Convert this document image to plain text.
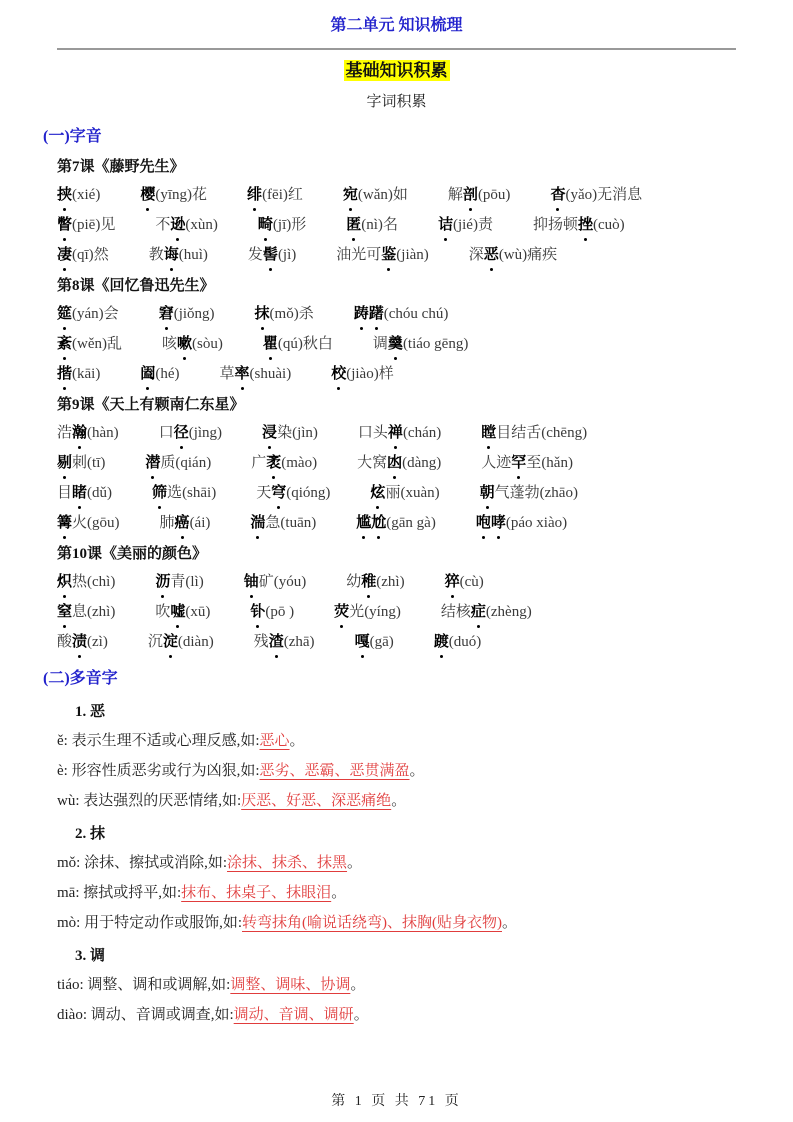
第二单元 知识梳理
基础知识积累
字词积累
(一)字音
第7课《藤野先生》
挟(xié)	樱(yīng)花	绯(fēi)红	宛(wǎn)如	解剖(pōu)	杳(yǎo)无消息
瞥(piē)见	不逊(xùn)	畸(jī)形	匿(nì)名	诘(jié)责	抑扬顿挫(cuò)
凄(qī)然	教诲(huì)	发髻(jì)	油光可鉴(jiàn)	深恶(wù)痛疾
第8课《回忆鲁迅先生》
筵(yán)会	窘(jiǒng)	抹(mǒ)杀	踌躇(chóu chú)
紊(wěn)乱	咳嗽(sòu)	瞿(qú)秋白	调羹(tiáo gēng)
揩(kāi)	阖(hé)	草率(shuài)	校(jiào)样
第9课《天上有颗南仁东星》
浩瀚(hàn)	口径(jìng)	浸染(jìn)	口头禅(chán)	瞠目结舌(chēng)
剔刺(tī)	潜质(qián)	广袤(mào)	大窝凼(dàng)	人迹罕至(hǎn)
目睹(dǔ)	筛选(shāi)	天穹(qióng)	炫丽(xuàn)	朝气蓬勃(zhāo)
篝火(gōu)	肺癌(ái)	湍急(tuān)	尴尬(gān gà)	咆哮(páo xiào)
第10课《美丽的颜色》
炽热(chì)	沥青(lì)	铀矿(yóu)	幼稚(zhì)	猝(cù)
窒息(zhì)	吹嘘(xū)	钋(pō )	荧光(yíng)	结核症(zhèng)
酸渍(zì)	沉淀(diàn)	残渣(zhā)	嘎(gā)	踱(duó)
(二)多音字
1. 恶
ě: 表示生理不适或心理反感,如:恶心。
è: 形容性质恶劣或行为凶狠,如:恶劣、恶霸、恶贯满盈。
wù: 表达强烈的厌恶情绪,如:厌恶、好恶、深恶痛绝。
2. 抹
mǒ: 涂抹、擦拭或消除,如:涂抹、抹杀、抹黑。
mā: 擦拭或捋平,如:抹布、抹桌子、抹眼泪。
mò: 用于特定动作或服饰,如:转弯抹角(喻说话绕弯)、抹胸(贴身衣物)。
3. 调
tiáo: 调整、调和或调解,如:调整、调味、协调。
diào: 调动、音调或调查,如:调动、音调、调研。
第 1 页 共 71 页
